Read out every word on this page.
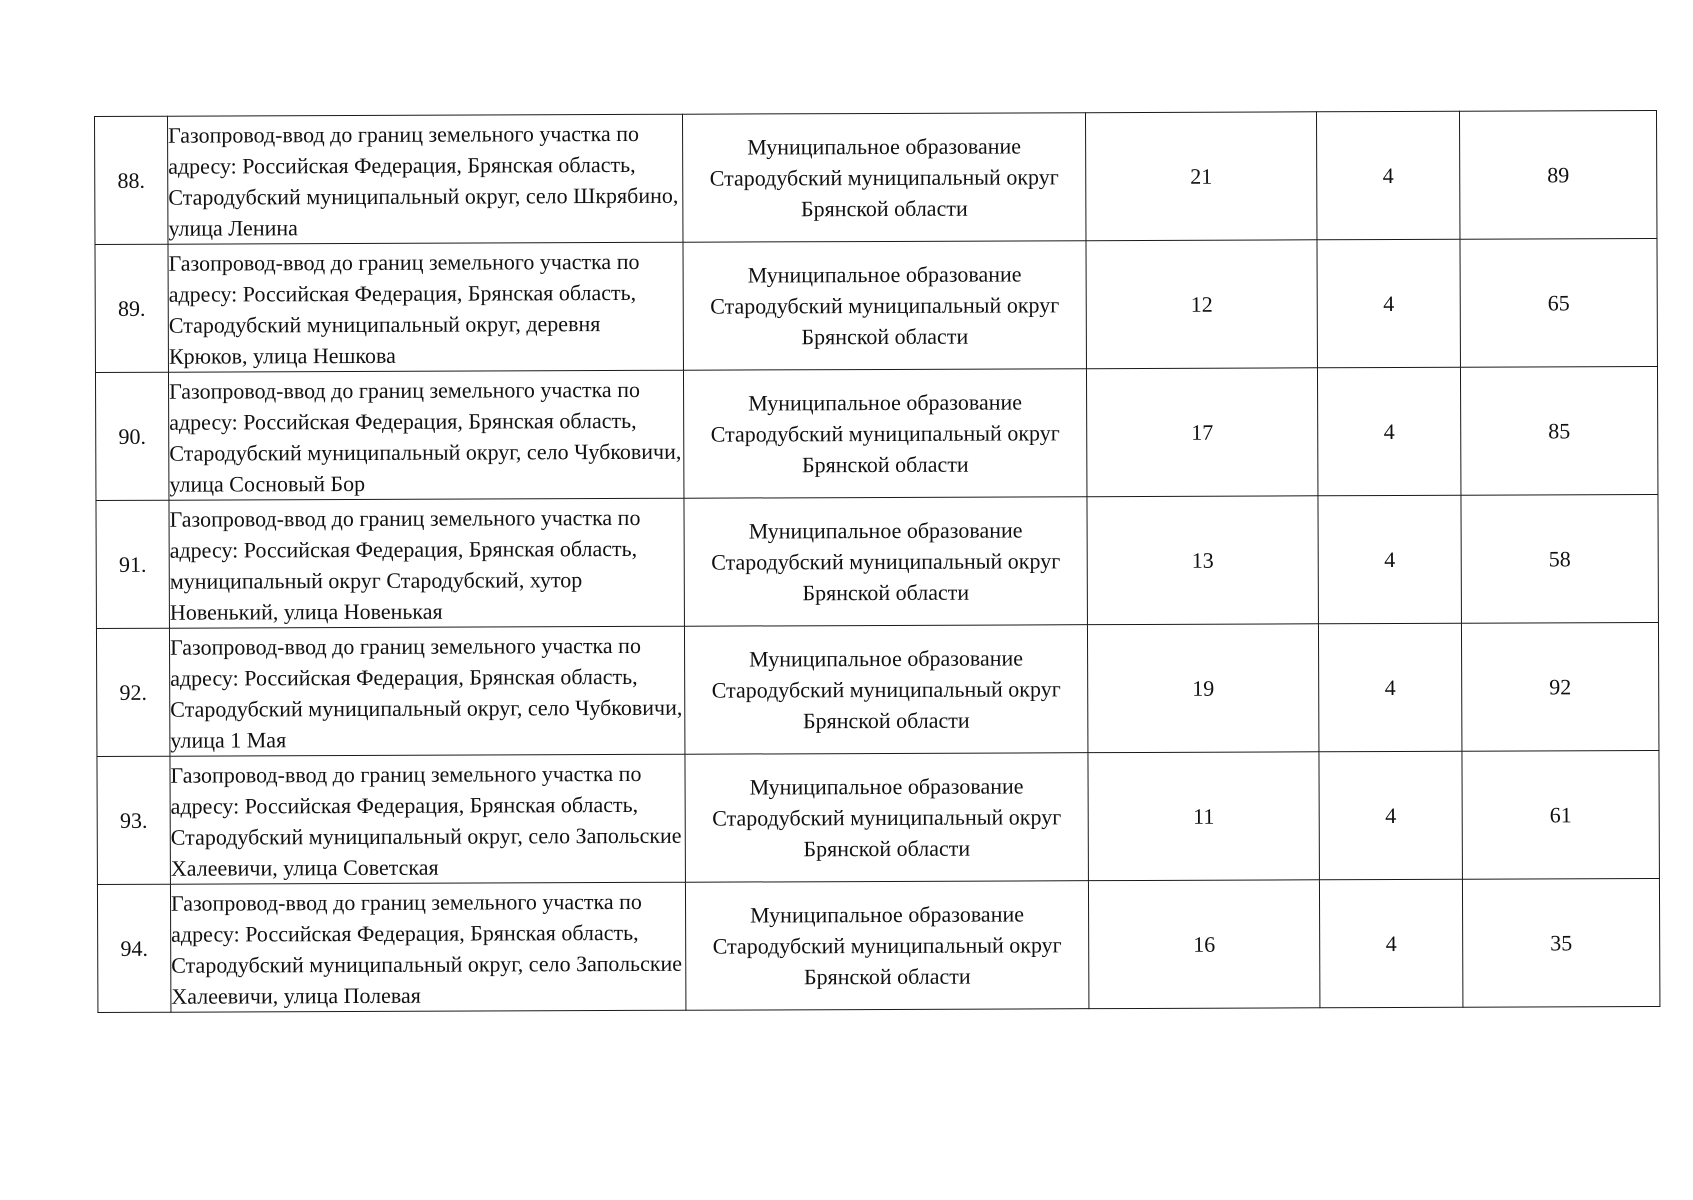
88.	Газопровод-ввод до границ земельного участка по адресу: Российская Федерация, Брянская область, Стародубский муниципальный округ, село Шкрябино, улица Ленина	Муниципальное образование
Стародубский муниципальный округ
Брянской области	21	4	89
89.	Газопровод-ввод до границ земельного участка по адресу: Российская Федерация, Брянская область, Стародубский муниципальный округ, деревня Крюков, улица Нешкова	Муниципальное образование
Стародубский муниципальный округ
Брянской области	12	4	65
90.	Газопровод-ввод до границ земельного участка по адресу: Российская Федерация, Брянская область, Стародубский муниципальный округ, село Чубковичи, улица Сосновый Бор	Муниципальное образование
Стародубский муниципальный округ
Брянской области	17	4	85
91.	Газопровод-ввод до границ земельного участка по адресу: Российская Федерация, Брянская область, муниципальный округ Стародубский, хутор Новенький, улица Новенькая	Муниципальное образование
Стародубский муниципальный округ
Брянской области	13	4	58
92.	Газопровод-ввод до границ земельного участка по адресу: Российская Федерация, Брянская область, Стародубский муниципальный округ, село Чубковичи, улица 1 Мая	Муниципальное образование
Стародубский муниципальный округ
Брянской области	19	4	92
93.	Газопровод-ввод до границ земельного участка по адресу: Российская Федерация, Брянская область, Стародубский муниципальный округ, село Запольские Халеевичи, улица Советская	Муниципальное образование
Стародубский муниципальный округ
Брянской области	11	4	61
94.	Газопровод-ввод до границ земельного участка по адресу: Российская Федерация, Брянская область, Стародубский муниципальный округ, село Запольские Халеевичи, улица Полевая	Муниципальное образование
Стародубский муниципальный округ
Брянской области	16	4	35
